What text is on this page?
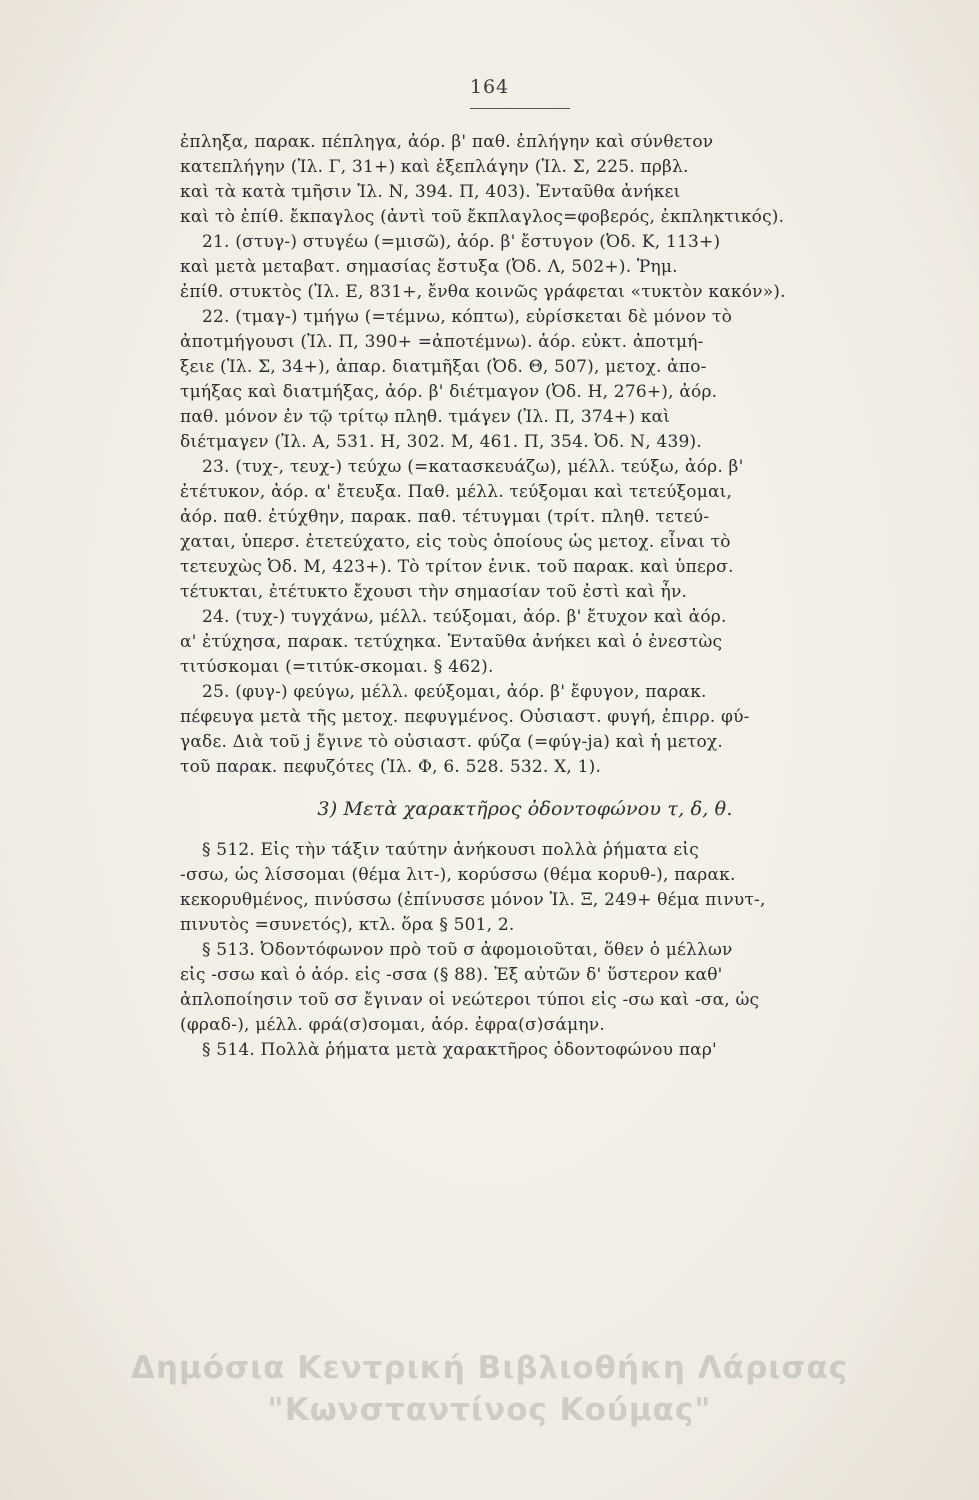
164
ἐπληξα, παρακ. πέπληγα, ἀόρ. β' παθ. ἐπλήγην καὶ σύνθετον
κατεπλήγην (Ἰλ. Γ, 31+) καὶ ἐξεπλάγην (Ἰλ. Σ, 225. πρβλ.
καὶ τὰ κατὰ τμῆσιν Ἰλ. Ν, 394. Π, 403). Ἐνταῦθα ἀνήκει
καὶ τὸ ἐπίθ. ἔκπαγλος (ἀντὶ τοῦ ἔκπλαγλος=φοβερός, ἐκπληκτικός).
21. (στυγ-) στυγέω (=μισῶ), ἀόρ. β' ἔστυγον (Ὀδ. Κ, 113+)
καὶ μετὰ μεταβατ. σημασίας ἔστυξα (Ὀδ. Λ, 502+). Ῥημ.
ἐπίθ. στυκτὸς (Ἰλ. Ε, 831+, ἔνθα κοινῶς γράφεται «τυκτὸν κακόν»).
22. (τμαγ-) τμήγω (=τέμνω, κόπτω), εὑρίσκεται δὲ μόνον τὸ
ἀποτμήγουσι (Ἰλ. Π, 390+ =ἀποτέμνω). ἀόρ. εὐκτ. ἀποτμή-
ξειε (Ἰλ. Σ, 34+), ἀπαρ. διατμῆξαι (Ὀδ. Θ, 507), μετοχ. ἀπο-
τμήξας καὶ διατμήξας, ἀόρ. β' διέτμαγον (Ὀδ. Η, 276+), ἀόρ.
παθ. μόνον ἐν τῷ τρίτῳ πληθ. τμάγεν (Ἰλ. Π, 374+) καὶ
διέτμαγεν (Ἰλ. Α, 531. Η, 302. Μ, 461. Π, 354. Ὀδ. Ν, 439).
23. (τυχ-, τευχ-) τεύχω (=κατασκευάζω), μέλλ. τεύξω, ἀόρ. β'
ἐτέτυκον, ἀόρ. α' ἔτευξα. Παθ. μέλλ. τεύξομαι καὶ τετεύξομαι,
ἀόρ. παθ. ἐτύχθην, παρακ. παθ. τέτυγμαι (τρίτ. πληθ. τετεύ-
χαται, ὑπερσ. ἐτετεύχατο, εἰς τοὺς ὁποίους ὡς μετοχ. εἶναι τὸ
τετευχὼς Ὀδ. Μ, 423+). Τὸ τρίτον ἑνικ. τοῦ παρακ. καὶ ὑπερσ.
τέτυκται, ἐτέτυκτο ἔχουσι τὴν σημασίαν τοῦ ἐστὶ καὶ ἦν.
24. (τυχ-) τυγχάνω, μέλλ. τεύξομαι, ἀόρ. β' ἔτυχον καὶ ἀόρ.
α' ἐτύχησα, παρακ. τετύχηκα. Ἐνταῦθα ἀνήκει καὶ ὁ ἐνεστὼς
τιτύσκομαι (=τιτύκ-σκομαι. § 462).
25. (φυγ-) φεύγω, μέλλ. φεύξομαι, ἀόρ. β' ἔφυγον, παρακ.
πέφευγα μετὰ τῆς μετοχ. πεφυγμένος. Οὐσιαστ. φυγή, ἐπιρρ. φύ-
γαδε. Διὰ τοῦ j ἔγινε τὸ οὐσιαστ. φύζα (=φύγ-ja) καὶ ἡ μετοχ.
τοῦ παρακ. πεφυζότες (Ἰλ. Φ, 6. 528. 532. Χ, 1).
3) Μετὰ χαρακτῆρος ὀδοντοφώνου τ, δ, θ.
§ 512. Εἰς τὴν τάξιν ταύτην ἀνήκουσι πολλὰ ῥήματα εἰς
-σσω, ὡς λίσσομαι (θέμα λιτ-), κορύσσω (θέμα κορυθ-), παρακ.
κεκορυθμένος, πινύσσω (ἐπίνυσσε μόνον Ἰλ. Ξ, 249+ θέμα πινυτ-,
πινυτὸς =συνετός), κτλ. ὅρα § 501, 2.
§ 513. Ὀδοντόφωνον πρὸ τοῦ σ ἀφομοιοῦται, ὅθεν ὁ μέλλων
εἰς -σσω καὶ ὁ ἀόρ. εἰς -σσα (§ 88). Ἐξ αὐτῶν δ' ὕστερον καθ'
ἀπλοποίησιν τοῦ σσ ἔγιναν οἱ νεώτεροι τύποι εἰς -σω καὶ -σα, ὡς
(φραδ-), μέλλ. φρά(σ)σομαι, ἀόρ. ἐφρα(σ)σάμην.
§ 514. Πολλὰ ῥήματα μετὰ χαρακτῆρος ὀδοντοφώνου παρ'
Δημόσια Κεντρική Βιβλιοθήκη Λάρισας
"Κωνσταντίνος Κούμας"
